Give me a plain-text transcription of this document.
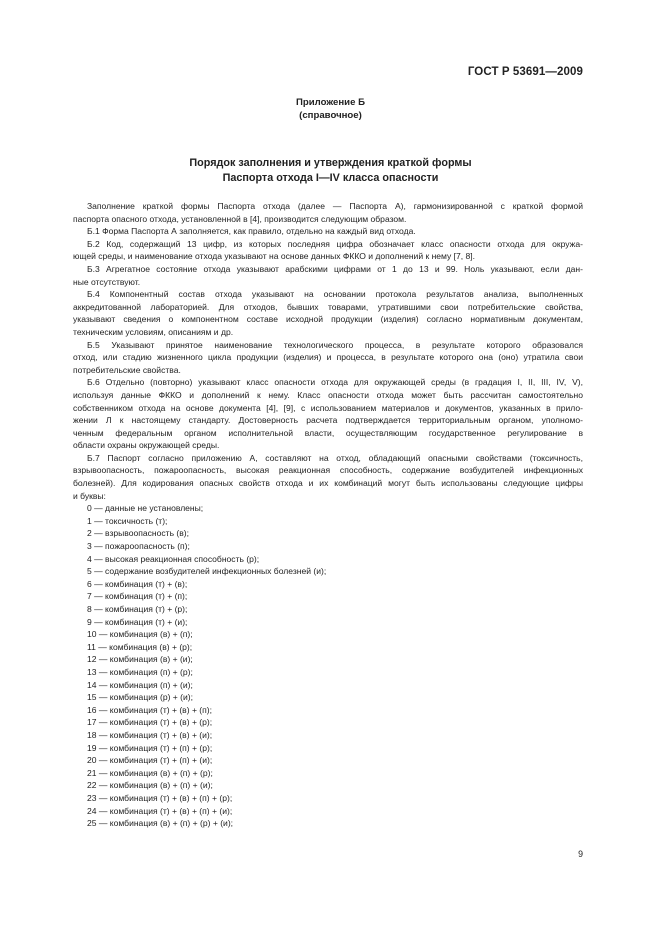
ГОСТ Р 53691—2009
Приложение Б
(справочное)
Порядок заполнения и утверждения краткой формы
Паспорта отхода I—IV класса опасности
Заполнение краткой формы Паспорта отхода (далее — Паспорта А), гармонизированной с краткой формой
паспорта опасного отхода, установленной в [4], производится следующим образом.
Б.1 Форма Паспорта А заполняется, как правило, отдельно на каждый вид отхода.
Б.2 Код, содержащий 13 цифр, из которых последняя цифра обозначает класс опасности отхода для окружа-
ющей среды, и наименование отхода указывают на основе данных ФККО и дополнений к нему [7, 8].
Б.3 Агрегатное состояние отхода указывают арабскими цифрами от 1 до 13 и 99. Ноль указывают, если дан-
ные отсутствуют.
Б.4 Компонентный состав отхода указывают на основании протокола результатов анализа, выполненных
аккредитованной лабораторией. Для отходов, бывших товарами, утратившими свои потребительские свойства,
указывают сведения о компонентном составе исходной продукции (изделия) согласно нормативным документам,
техническим условиям, описаниям и др.
Б.5 Указывают принятое наименование технологического процесса, в результате которого образовался
отход, или стадию жизненного цикла продукции (изделия) и процесса, в результате которого она (оно) утратила свои
потребительские свойства.
Б.6 Отдельно (повторно) указывают класс опасности отхода для окружающей среды (в градация I, II, III, IV, V),
используя данные ФККО и дополнений к нему. Класс опасности отхода может быть рассчитан самостоятельно
собственником отхода на основе документа [4], [9], с использованием материалов и документов, указанных в прило-
жении Л к настоящему стандарту. Достоверность расчета подтверждается территориальным органом, уполномо-
ченным федеральным органом исполнительной власти, осуществляющим государственное регулирование в
области охраны окружающей среды.
Б.7 Паспорт согласно приложению А, составляют на отход, обладающий опасными свойствами (токсичность,
взрывоопасность, пожароопасность, высокая реакционная способность, содержание возбудителей инфекционных
болезней). Для кодирования опасных свойств отхода и их комбинаций могут быть использованы следующие цифры
и буквы:
0 — данные не установлены;
1 — токсичность (т);
2 — взрывоопасность (в);
3 — пожароопасность (п);
4 — высокая реакционная способность (р);
5 — содержание возбудителей инфекционных болезней (и);
6 — комбинация (т) + (в);
7 — комбинация (т) + (п);
8 — комбинация (т) + (р);
9 — комбинация (т) + (и);
10 — комбинация (в) + (п);
11 — комбинация (в) + (р);
12 — комбинация (в) + (и);
13 — комбинация (п) + (р);
14 — комбинация (п) + (и);
15 — комбинация (р) + (и);
16 — комбинация (т) + (в) + (п);
17 — комбинация (т) + (в) + (р);
18 — комбинация (т) + (в) + (и);
19 — комбинация (т) + (п) + (р);
20 — комбинация (т) + (п) + (и);
21 — комбинация (в) + (п) + (р);
22 — комбинация (в) + (п) + (и);
23 — комбинация (т) + (в) + (п) + (р);
24 — комбинация (т) + (в) + (п) + (и);
25 — комбинация (в) + (п) + (р) + (и);
9
